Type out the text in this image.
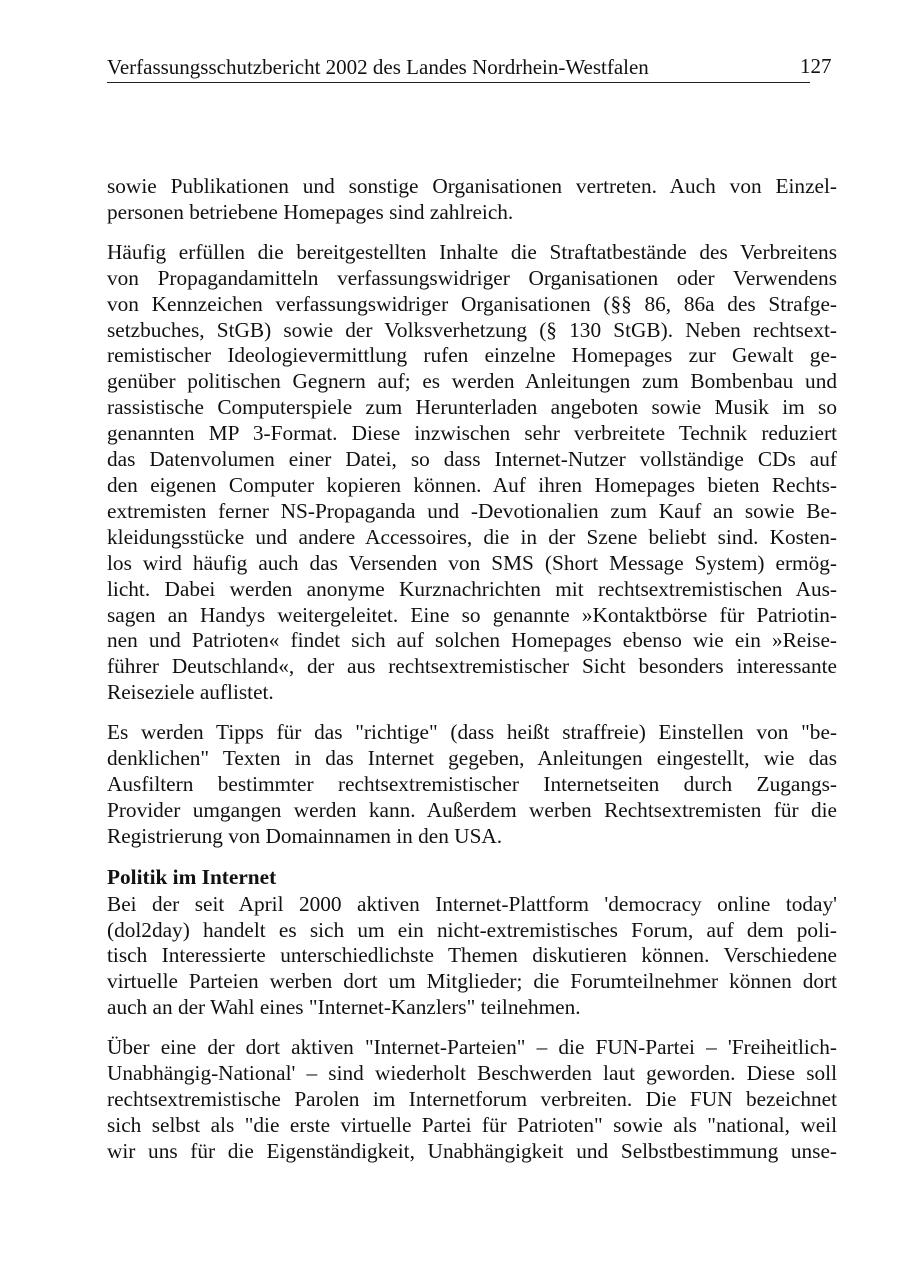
Verfassungsschutzbericht 2002 des Landes Nordrhein-Westfalen	127

sowie Publikationen und sonstige Organisationen vertreten. Auch von Einzel-
personen betriebene Homepages sind zahlreich.

Häufig erfüllen die bereitgestellten Inhalte die Straftatbestände des Verbreitens
von Propagandamitteln verfassungswidriger Organisationen oder Verwendens
von Kennzeichen verfassungswidriger Organisationen (§§ 86, 86a des Strafge-
setzbuches, StGB) sowie der Volksverhetzung (§ 130 StGB). Neben rechtsext-
remistischer Ideologievermittlung rufen einzelne Homepages zur Gewalt ge-
genüber politischen Gegnern auf; es werden Anleitungen zum Bombenbau und
rassistische Computerspiele zum Herunterladen angeboten sowie Musik im so
genannten MP 3-Format. Diese inzwischen sehr verbreitete Technik reduziert
das Datenvolumen einer Datei, so dass Internet-Nutzer vollständige CDs auf
den eigenen Computer kopieren können. Auf ihren Homepages bieten Rechts-
extremisten ferner NS-Propaganda und -Devotionalien zum Kauf an sowie Be-
kleidungsstücke und andere Accessoires, die in der Szene beliebt sind. Kosten-
los wird häufig auch das Versenden von SMS (Short Message System) ermög-
licht. Dabei werden anonyme Kurznachrichten mit rechtsextremistischen Aus-
sagen an Handys weitergeleitet. Eine so genannte »Kontaktbörse für Patriotin-
nen und Patrioten« findet sich auf solchen Homepages ebenso wie ein »Reise-
führer Deutschland«, der aus rechtsextremistischer Sicht besonders interessante
Reiseziele auflistet.

Es werden Tipps für das "richtige" (dass heißt straffreie) Einstellen von "be-
denklichen" Texten in das Internet gegeben, Anleitungen eingestellt, wie das
Ausfiltern bestimmter rechtsextremistischer Internetseiten durch Zugangs-
Provider umgangen werden kann. Außerdem werben Rechtsextremisten für die
Registrierung von Domainnamen in den USA.

Politik im Internet

Bei der seit April 2000 aktiven Internet-Plattform 'democracy online today'
(dol2day) handelt es sich um ein nicht-extremistisches Forum, auf dem poli-
tisch Interessierte unterschiedlichste Themen diskutieren können. Verschiedene
virtuelle Parteien werben dort um Mitglieder; die Forumteilnehmer können dort
auch an der Wahl eines "Internet-Kanzlers" teilnehmen.

Über eine der dort aktiven "Internet-Parteien" – die FUN-Partei – 'Freiheitlich-
Unabhängig-National' – sind wiederholt Beschwerden laut geworden. Diese soll
rechtsextremistische Parolen im Internetforum verbreiten. Die FUN bezeichnet
sich selbst als "die erste virtuelle Partei für Patrioten" sowie als "national, weil
wir uns für die Eigenständigkeit, Unabhängigkeit und Selbstbestimmung unse-
